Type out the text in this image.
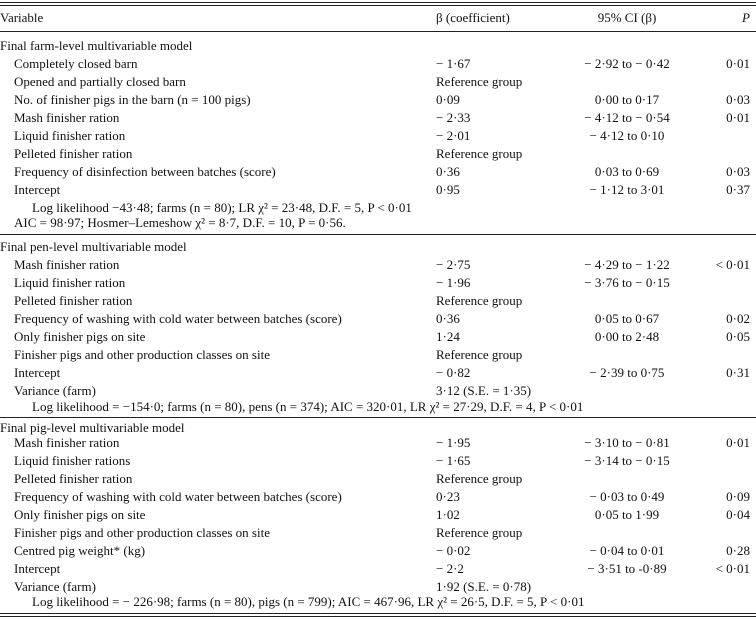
Variable	β (coefficient)	95% CI (β)	P
Final farm-level multivariable model
Completely closed barn	− 1·67	− 2·92 to − 0·42	0·01
Opened and partially closed barn	Reference group
No. of finisher pigs in the barn (n = 100 pigs)	0·09	0·00 to 0·17	0·03
Mash finisher ration	− 2·33	− 4·12 to − 0·54	0·01
Liquid finisher ration	− 2·01	− 4·12 to 0·10
Pelleted finisher ration	Reference group
Frequency of disinfection between batches (score)	0·36	0·03 to 0·69	0·03
Intercept	0·95	− 1·12 to 3·01	0·37
Log likelihood −43·48; farms (n = 80); LR χ² = 23·48, D.F. = 5, P < 0·01
AIC = 98·97; Hosmer–Lemeshow χ² = 8·7, D.F. = 10, P = 0·56.
Final pen-level multivariable model
Mash finisher ration	− 2·75	− 4·29 to − 1·22	< 0·01
Liquid finisher ration	− 1·96	− 3·76 to − 0·15
Pelleted finisher ration	Reference group
Frequency of washing with cold water between batches (score)	0·36	0·05 to 0·67	0·02
Only finisher pigs on site	1·24	0·00 to 2·48	0·05
Finisher pigs and other production classes on site	Reference group
Intercept	− 0·82	− 2·39 to 0·75	0·31
Variance (farm)	3·12 (S.E. = 1·35)
Log likelihood = −154·0; farms (n = 80), pens (n = 374); AIC = 320·01, LR χ² = 27·29, D.F. = 4, P < 0·01
Final pig-level multivariable model
Mash finisher ration	− 1·95	− 3·10 to − 0·81	0·01
Liquid finisher rations	− 1·65	− 3·14 to − 0·15
Pelleted finisher ration	Reference group
Frequency of washing with cold water between batches (score)	0·23	− 0·03 to 0·49	0·09
Only finisher pigs on site	1·02	0·05 to 1·99	0·04
Finisher pigs and other production classes on site	Reference group
Centred pig weight* (kg)	− 0·02	− 0·04 to 0·01	0·28
Intercept	− 2·2	− 3·51 to -0·89	< 0·01
Variance (farm)	1·92 (S.E. = 0·78)
Log likelihood = − 226·98; farms (n = 80), pigs (n = 799); AIC = 467·96, LR χ² = 26·5, D.F. = 5, P < 0·01
